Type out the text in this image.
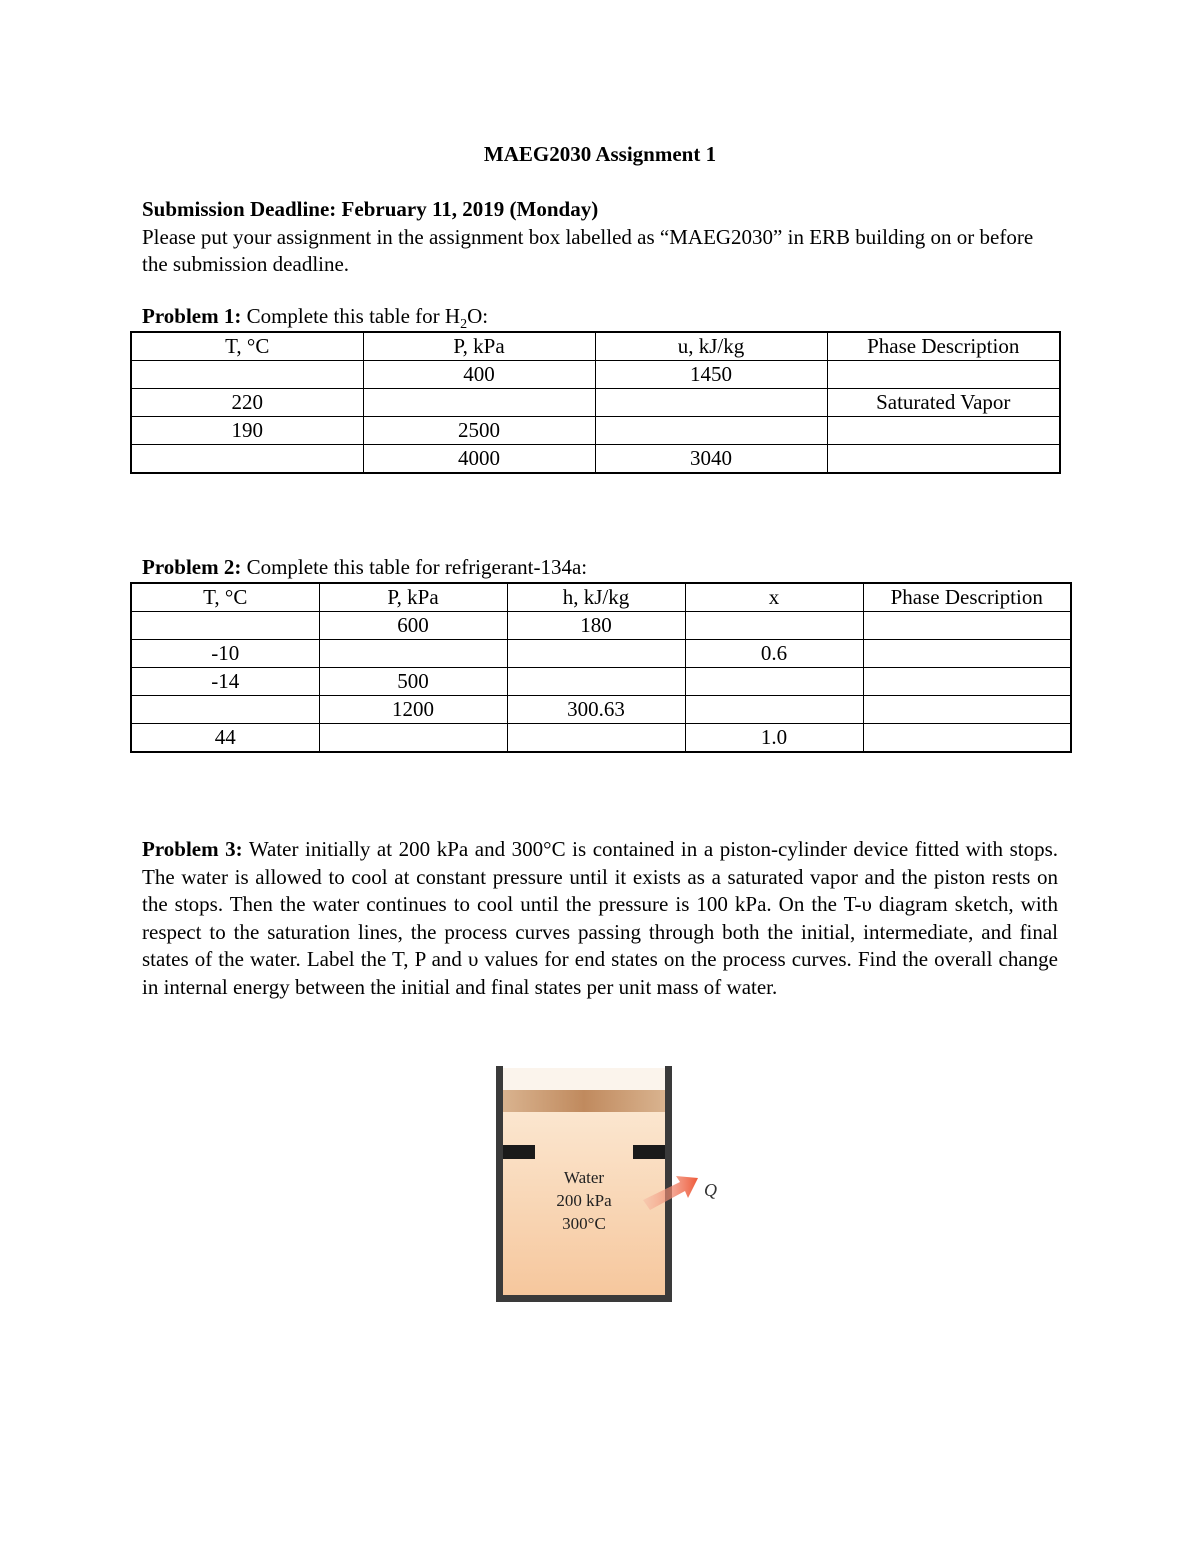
MAEG2030 Assignment 1
Submission Deadline: February 11, 2019 (Monday)
Please put your assignment in the assignment box labelled as “MAEG2030” in ERB building on or before the submission deadline.
Problem 1: Complete this table for $H_2O$:
T, °C	P, kPa	u, kJ/kg	Phase Description
	400	1450	
220			Saturated Vapor
190	2500		
	4000	3040	
Problem 2: Complete this table for refrigerant-134a:
T, °C	P, kPa	h, kJ/kg	x	Phase Description
	600	180		
-10			0.6	
-14	500			
	1200	300.63		
44			1.0	
Problem 3: Water initially at 200 kPa and 300°C is contained in a piston-cylinder device fitted with stops. The water is allowed to cool at constant pressure until it exists as a saturated vapor and the piston rests on the stops. Then the water continues to cool until the pressure is 100 kPa. On the T-υ diagram sketch, with respect to the saturation lines, the process curves passing through both the initial, intermediate, and final states of the water. Label the T, P and υ values for end states on the process curves. Find the overall change in internal energy between the initial and final states per unit mass of water.
Water
200 kPa
300°C
Q
